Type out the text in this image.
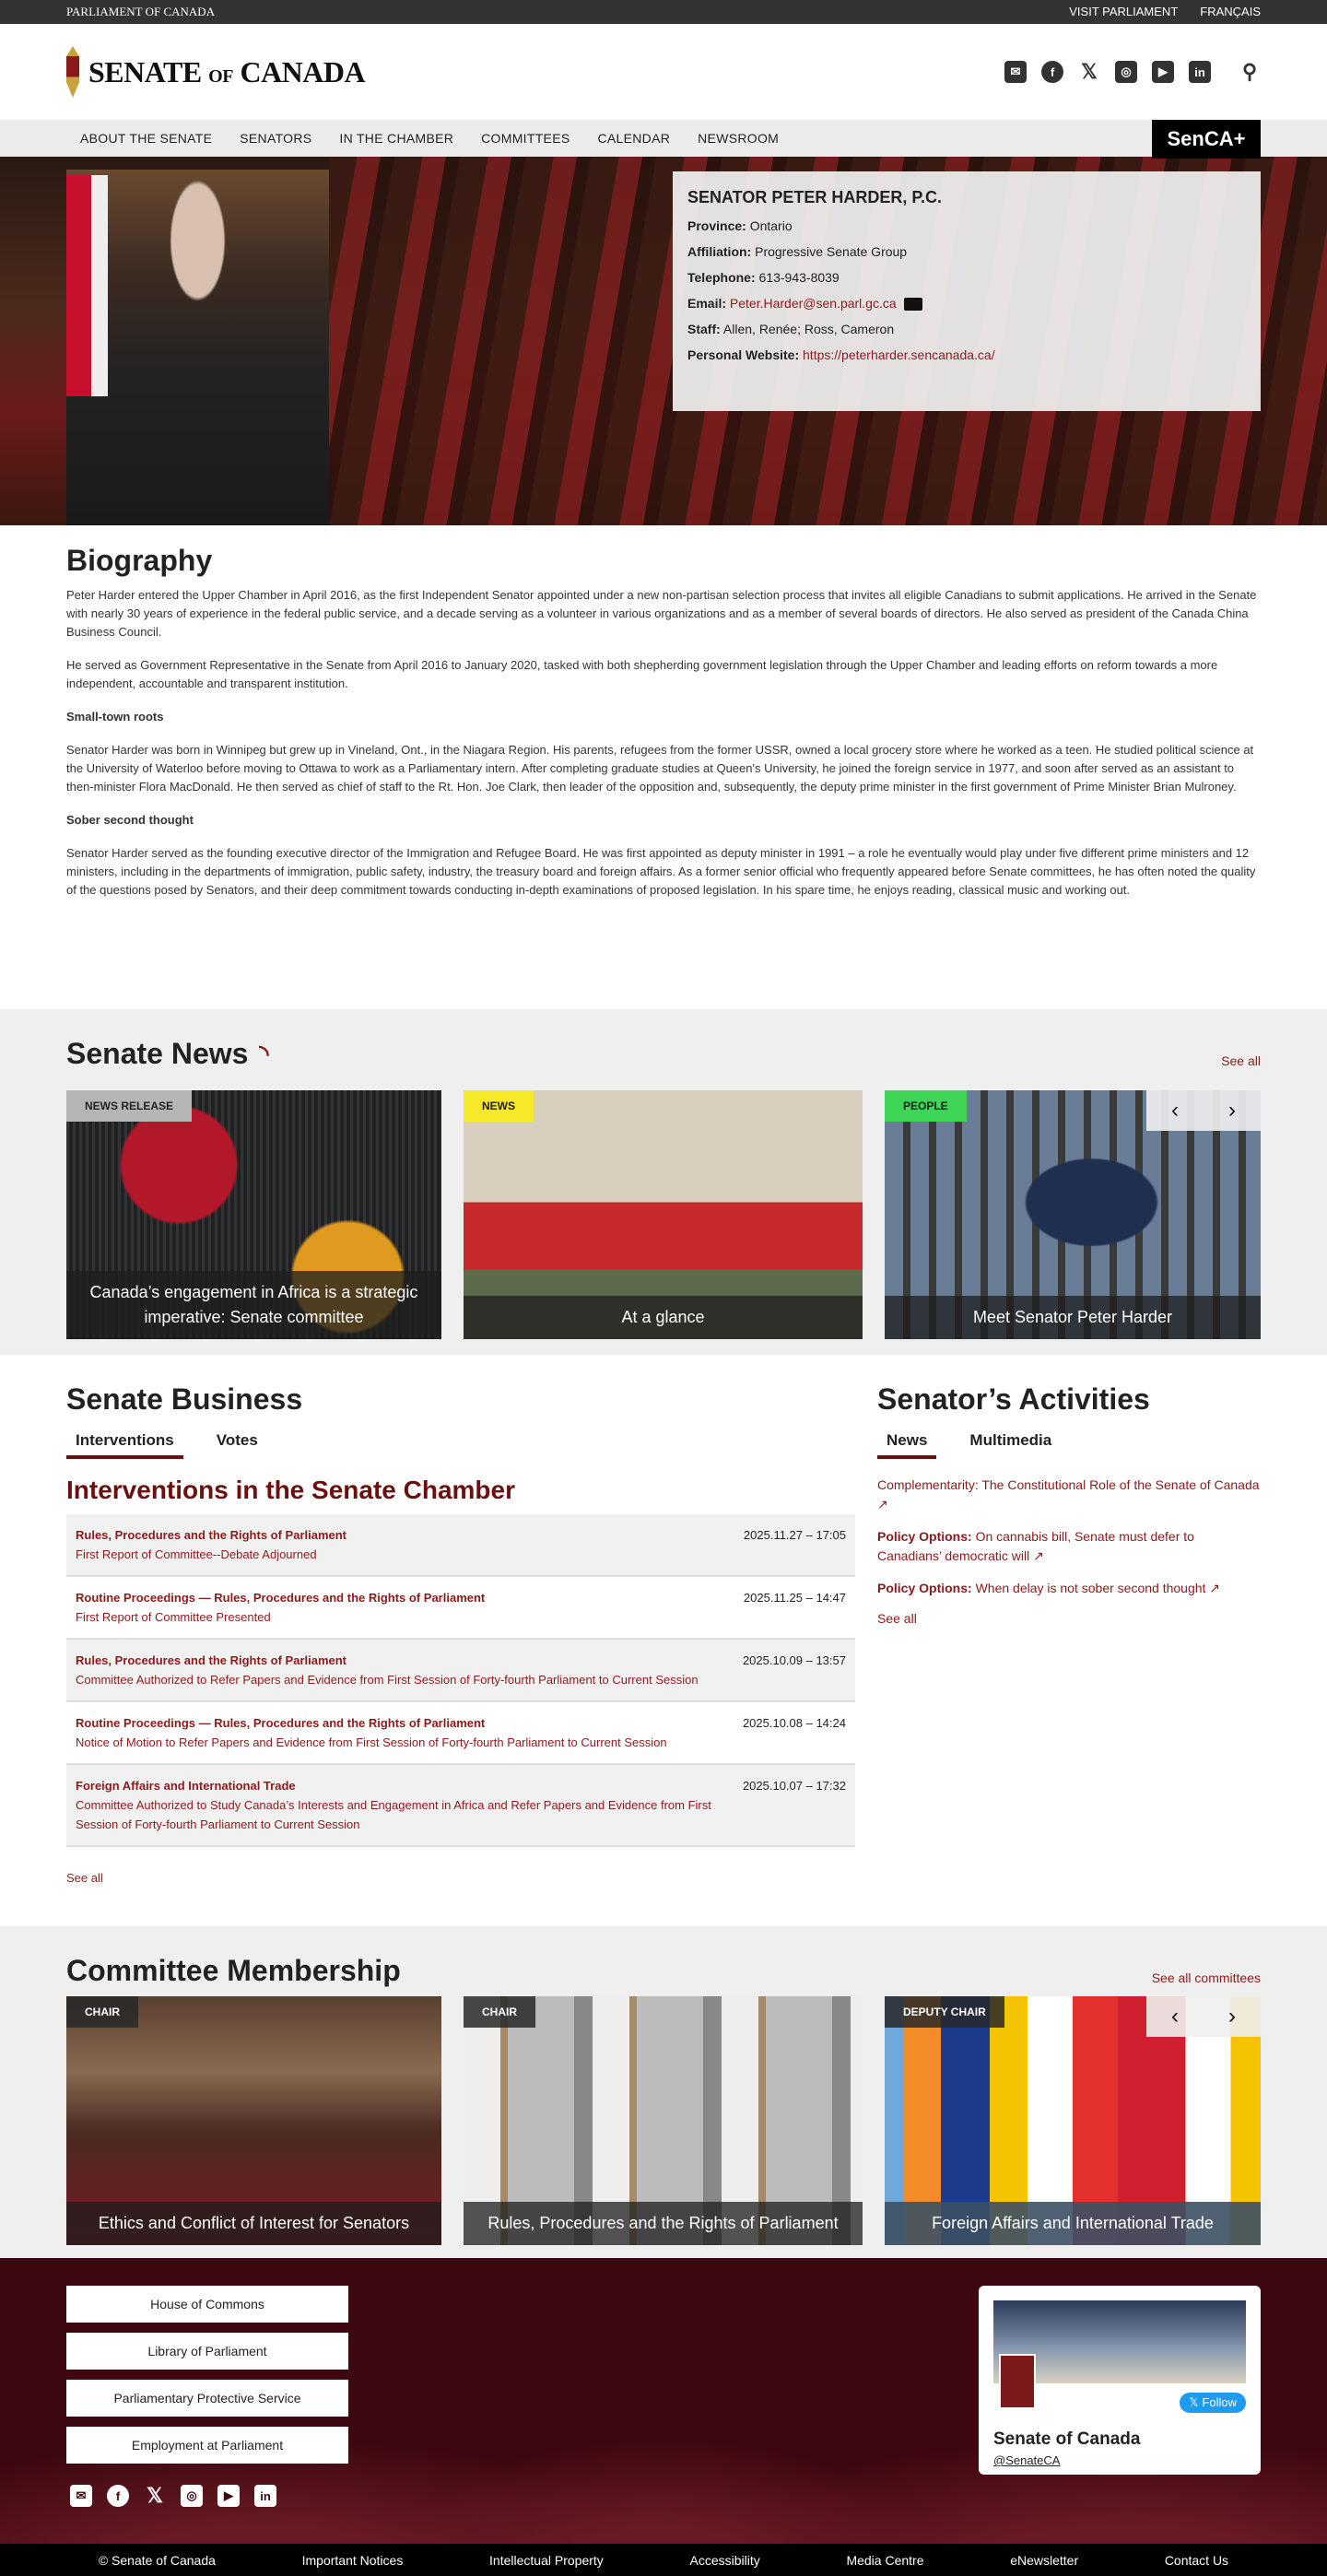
PARLIAMENT OF CANADA	VISIT PARLIAMENT FRANÇAIS
SENATE OF CANADA	✉	f	𝕏	◎	▶	in ⚲
ABOUT THE SENATE SENATORS IN THE CHAMBER COMMITTEES CALENDAR NEWSROOM	SenCA+
SENATOR PETER HARDER, P.C.
Province: Ontario
Affiliation: Progressive Senate Group
Telephone: 613-943-8039
Email: Peter.Harder@sen.parl.gc.ca
Staff: Allen, Renée; Ross, Cameron
Personal Website: https://peterharder.sencanada.ca/
Biography

Peter Harder entered the Upper Chamber in April 2016, as the first Independent Senator appointed under a new non-partisan selection process that invites all eligible Canadians to submit applications. He arrived in the Senate with nearly 30 years of experience in the federal public service, and a decade serving as a volunteer in various organizations and as a member of several boards of directors. He also served as president of the Canada China Business Council.

He served as Government Representative in the Senate from April 2016 to January 2020, tasked with both shepherding government legislation through the Upper Chamber and leading efforts on reform towards a more independent, accountable and transparent institution.

Small-town roots

Senator Harder was born in Winnipeg but grew up in Vineland, Ont., in the Niagara Region. His parents, refugees from the former USSR, owned a local grocery store where he worked as a teen. He studied political science at the University of Waterloo before moving to Ottawa to work as a Parliamentary intern. After completing graduate studies at Queen's University, he joined the foreign service in 1977, and soon after served as an assistant to then-minister Flora MacDonald. He then served as chief of staff to the Rt. Hon. Joe Clark, then leader of the opposition and, subsequently, the deputy prime minister in the first government of Prime Minister Brian Mulroney.

Sober second thought

Senator Harder served as the founding executive director of the Immigration and Refugee Board. He was first appointed as deputy minister in 1991 – a role he eventually would play under five different prime ministers and 12 ministers, including in the departments of immigration, public safety, industry, the treasury board and foreign affairs. As a former senior official who frequently appeared before Senate committees, he has often noted the quality of the questions posed by Senators, and their deep commitment towards conducting in-depth examinations of proposed legislation. In his spare time, he enjoys reading, classical music and working out.

Senate News ◝	See all
NEWS RELEASE
Canada’s engagement in Africa is a strategic imperative: Senate committee
NEWS
At a glance
PEOPLE
Meet Senator Peter Harder
‹ ›
Senate Business
Interventions	Votes
Interventions in the Senate Chamber
Rules, Procedures and the Rights of Parliament
First Report of Committee--Debate Adjourned
2025.11.27 – 17:05
Routine Proceedings — Rules, Procedures and the Rights of Parliament
First Report of Committee Presented
2025.11.25 – 14:47
Rules, Procedures and the Rights of Parliament
Committee Authorized to Refer Papers and Evidence from First Session of Forty-fourth Parliament to Current Session
2025.10.09 – 13:57
Routine Proceedings — Rules, Procedures and the Rights of Parliament
Notice of Motion to Refer Papers and Evidence from First Session of Forty-fourth Parliament to Current Session
2025.10.08 – 14:24
Foreign Affairs and International Trade
Committee Authorized to Study Canada’s Interests and Engagement in Africa and Refer Papers and Evidence from First Session of Forty-fourth Parliament to Current Session
2025.10.07 – 17:32
See all
Senator’s Activities
News	Multimedia
Complementarity: The Constitutional Role of the Senate of Canada ↗
Policy Options: On cannabis bill, Senate must defer to Canadians’ democratic will ↗
Policy Options: When delay is not sober second thought ↗
See all
Committee Membership	See all committees
CHAIR
Ethics and Conflict of Interest for Senators
CHAIR
Rules, Procedures and the Rights of Parliament
DEPUTY CHAIR
Foreign Affairs and International Trade
‹ ›
House of Commons
Library of Parliament
Parliamentary Protective Service
Employment at Parliament
✉	f	𝕏	◎	▶	in
𝕏 Follow
Senate of Canada
@SenateCA
© Senate of Canada	Important Notices	Intellectual Property	Accessibility	Media Centre	eNewsletter	Contact Us
